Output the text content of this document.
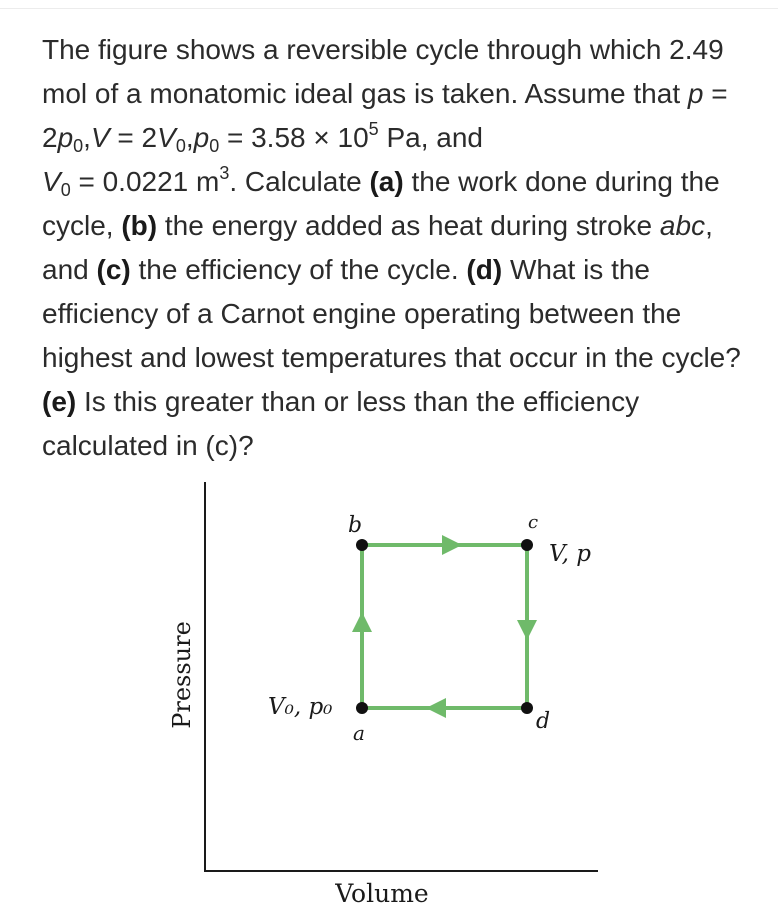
The figure shows a reversible cycle through which 2.49 mol of a monatomic ideal gas is taken. Assume that $p = 2p_0,V = 2V_0,p_0 = 3.58 \times 10^5$ Pa, and
$V_0 = 0.0221$ $m^3$. Calculate (a) the work done during the cycle, (b) the energy added as heat during stroke abc, and (c) the efficiency of the cycle. (d) What is the efficiency of a Carnot engine operating between the highest and lowest temperatures that occur in the cycle? (e) Is this greater than or less than the efficiency calculated in (c)?

Pressure
Volume
b	c
a	d
V₀, p₀
V, p
